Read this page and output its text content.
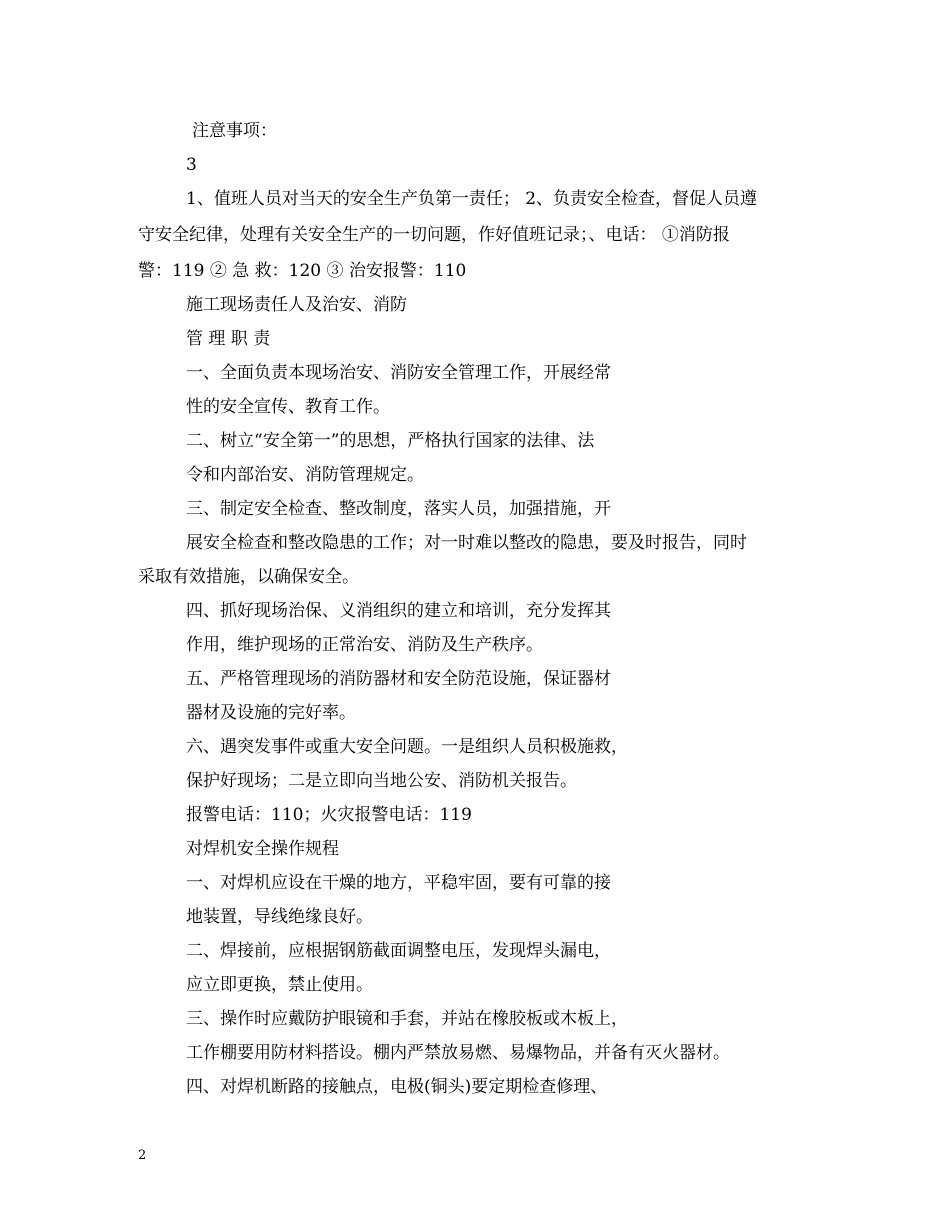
注意事项：
3
1、值班人员对当天的安全生产负第一责任； 2、负责安全检查，督促人员遵
守安全纪律，处理有关安全生产的一切问题，作好值班记录；、电话： ①消防报
警：119 ② 急 救：120 ③ 治安报警：110
施工现场责任人及治安、消防
管 理 职 责
一、全面负责本现场治安、消防安全管理工作，开展经常
性的安全宣传、教育工作。
二、树立“安全第一”的思想，严格执行国家的法律、法
令和内部治安、消防管理规定。
三、制定安全检查、整改制度，落实人员，加强措施，开
展安全检查和整改隐患的工作；对一时难以整改的隐患，要及时报告，同时
采取有效措施，以确保安全。
四、抓好现场治保、义消组织的建立和培训，充分发挥其
作用，维护现场的正常治安、消防及生产秩序。
五、严格管理现场的消防器材和安全防范设施，保证器材
器材及设施的完好率。
六、遇突发事件或重大安全问题。一是组织人员积极施救，
保护好现场；二是立即向当地公安、消防机关报告。
报警电话：110；火灾报警电话：119
对焊机安全操作规程
一、对焊机应设在干燥的地方，平稳牢固，要有可靠的接
地装置，导线绝缘良好。
二、焊接前，应根据钢筋截面调整电压，发现焊头漏电，
应立即更换，禁止使用。
三、操作时应戴防护眼镜和手套，并站在橡胶板或木板上，
工作棚要用防材料搭设。棚内严禁放易燃、易爆物品，并备有灭火器材。
四、对焊机断路的接触点，电极(铜头)要定期检查修理、
2
